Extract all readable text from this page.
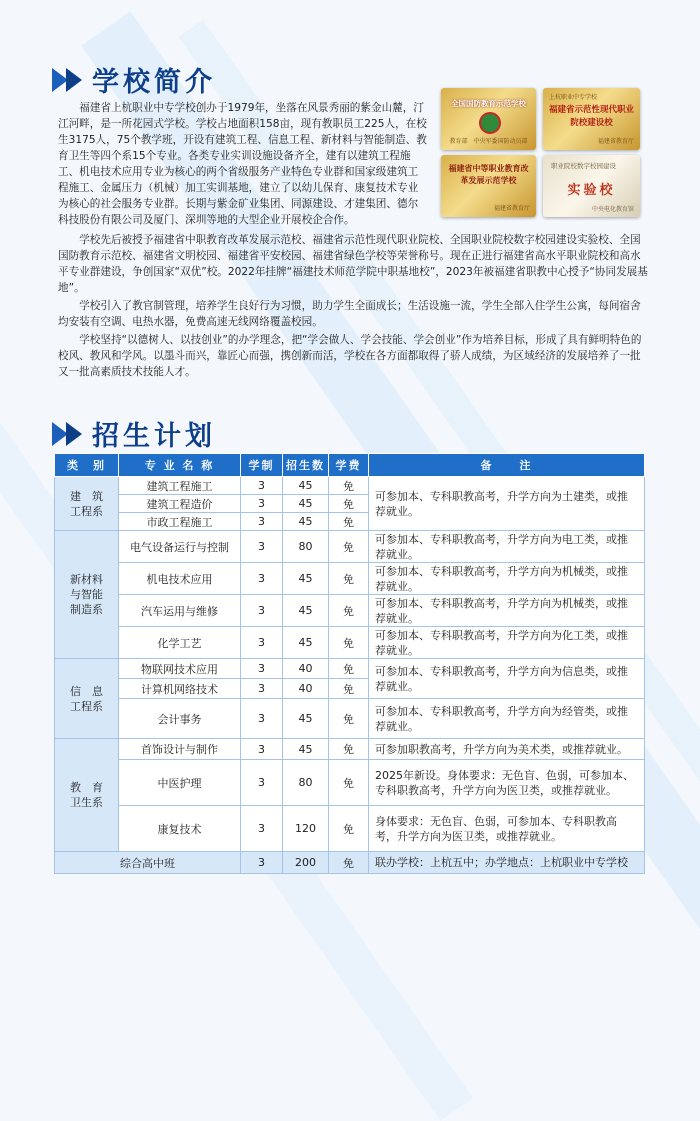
学校简介

福建省上杭职业中专学校创办于1979年，坐落在风景秀丽的紫金山麓，汀江河畔，是一所花园式学校。学校占地面积158亩，现有教职员工225人，在校生3175人，75个教学班，开设有建筑工程、信息工程、新材料与智能制造、教育卫生等四个系15个专业。各类专业实训设施设备齐全，建有以建筑工程施工、机电技术应用专业为核心的两个省级服务产业特色专业群和国家级建筑工程施工、金属压力（机械）加工实训基地，建立了以幼儿保育、康复技术专业为核心的社会服务专业群。长期与紫金矿业集团、同源建设、才建集团、德尔科技股份有限公司及厦门、深圳等地的大型企业开展校企合作。

全国国防教育示范学校
教育部　中央军委国防动员部
上杭职业中专学校
福建省示范性现代职业院校建设校
福建省教育厅
福建省中等职业教育改革发展示范学校
福建省教育厅
职业院校数字校园建设
实验校
中央电化教育馆

学校先后被授予福建省中职教育改革发展示范校、福建省示范性现代职业院校、全国职业院校数字校园建设实验校、全国国防教育示范校、福建省文明校园、福建省平安校园、福建省绿色学校等荣誉称号。现在正进行福建省高水平职业院校和高水平专业群建设，争创国家“双优”校。2022年挂牌“福建技术师范学院中职基地校”，2023年被福建省职教中心授予“协同发展基地”。

学校引入了教官制管理，培养学生良好行为习惯，助力学生全面成长；生活设施一流，学生全部入住学生公寓，每间宿舍均安装有空调、电热水器，免费高速无线网络覆盖校园。

学校坚持“以德树人、以技创业”的办学理念，把“学会做人、学会技能、学会创业”作为培养目标，形成了具有鲜明特色的校风、教风和学风。以墨斗而兴，靠匠心而强，携创新而活，学校在各方面都取得了骄人成绩，为区域经济的发展培养了一批又一批高素质技术技能人才。

招生计划
类　别	专 业 名 称	学制	招生数	学费	备　　注
建　筑
工程系	建筑工程施工	3	45	免	可参加本、专科职教高考，升学方向为土建类，或推荐就业。
	建筑工程造价	3	45	免	
	市政工程施工	3	45	免	
新材料
与智能
制造系	电气设备运行与控制	3	80	免	可参加本、专科职教高考，升学方向为电工类，或推荐就业。
	机电技术应用	3	45	免	可参加本、专科职教高考，升学方向为机械类，或推荐就业。
	汽车运用与维修	3	45	免	可参加本、专科职教高考，升学方向为机械类，或推荐就业。
	化学工艺	3	45	免	可参加本、专科职教高考，升学方向为化工类，或推荐就业。
信　息
工程系	物联网技术应用	3	40	免	可参加本、专科职教高考，升学方向为信息类，或推荐就业。
	计算机网络技术	3	40	免	
	会计事务	3	45	免	可参加本、专科职教高考，升学方向为经管类，或推荐就业。
教　育
卫生系	首饰设计与制作	3	45	免	可参加职教高考，升学方向为美术类，或推荐就业。
	中医护理	3	80	免	2025年新设。身体要求：无色盲、色弱，可参加本、专科职教高考，升学方向为医卫类，或推荐就业。
	康复技术	3	120	免	身体要求：无色盲、色弱，可参加本、专科职教高考，升学方向为医卫类，或推荐就业。
综合高中班		3	200	免	联办学校：上杭五中；办学地点：上杭职业中专学校
